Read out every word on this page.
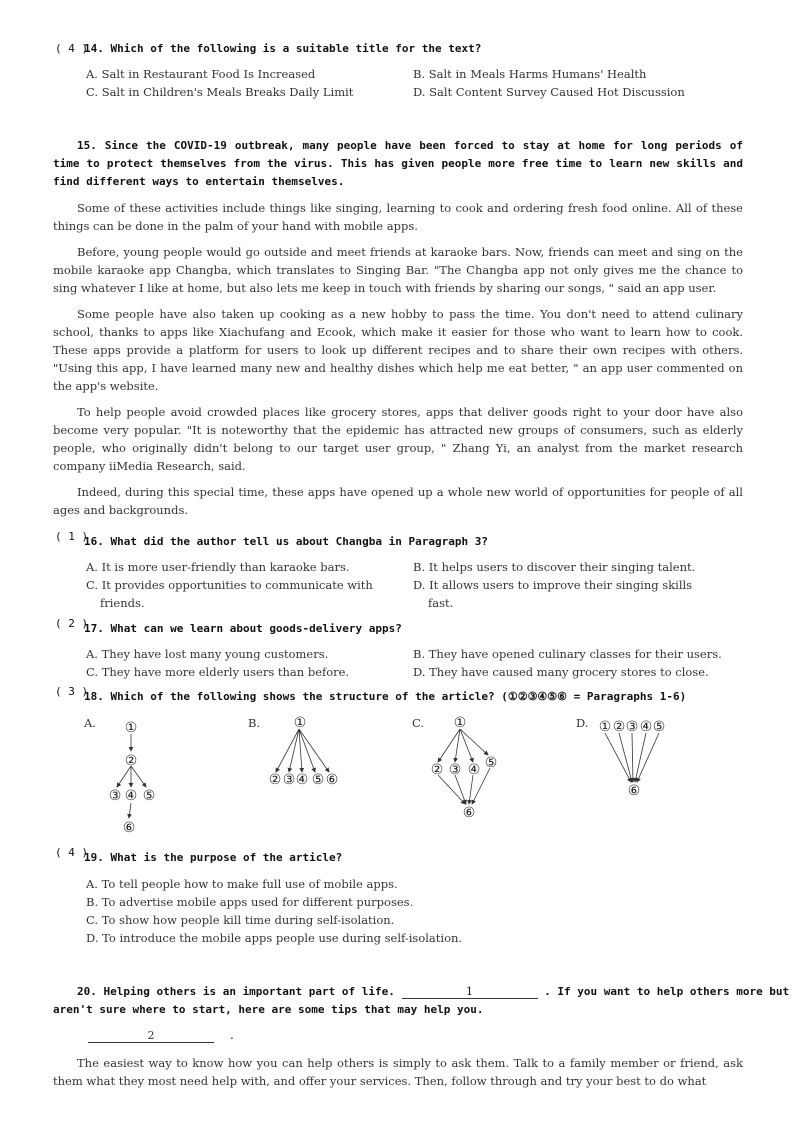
( 4 )
14. Which of the following is a suitable title for the text?
A. Salt in Restaurant Food Is Increased	B. Salt in Meals Harms Humans' Health
C. Salt in Children's Meals Breaks Daily Limit	D. Salt Content Survey Caused Hot Discussion

15. Since the COVID-19 outbreak, many people have been forced to stay at home for long periods of time to protect themselves from the virus. This has given people more free time to learn new skills and find different ways to entertain themselves.

Some of these activities include things like singing, learning to cook and ordering fresh food online. All of these things can be done in the palm of your hand with mobile apps.

Before, young people would go outside and meet friends at karaoke bars. Now, friends can meet and sing on the mobile karaoke app Changba, which translates to Singing Bar. "The Changba app not only gives me the chance to sing whatever I like at home, but also lets me keep in touch with friends by sharing our songs, " said an app user.

Some people have also taken up cooking as a new hobby to pass the time. You don't need to attend culinary school, thanks to apps like Xiachufang and Ecook, which make it easier for those who want to learn how to cook. These apps provide a platform for users to look up different recipes and to share their own recipes with others. "Using this app, I have learned many new and healthy dishes which help me eat better, " an app user commented on the app's website.

To help people avoid crowded places like grocery stores, apps that deliver goods right to your door have also become very popular. "It is noteworthy that the epidemic has attracted new groups of consumers, such as elderly people, who originally didn't belong to our target user group, " Zhang Yi, an analyst from the market research company iiMedia Research, said.

Indeed, during this special time, these apps have opened up a whole new world of opportunities for people of all ages and backgrounds.

( 1 )
16. What did the author tell us about Changba in Paragraph 3?
A. It is more user-friendly than karaoke bars.	B. It helps users to discover their singing talent.
C. It provides opportunities to communicate with	D. It allows users to improve their singing skills
friends.	fast.
( 2 )
17. What can we learn about goods-delivery apps?
A. They have lost many young customers.	B. They have opened culinary classes for their users.
C. They have more elderly users than before.	D. They have caused many grocery stores to close.
( 3 )
18. Which of the following shows the structure of the article? (①②③④⑤⑥ = Paragraphs 1-6)
A.	B.	C.	D.
①
②
③ ④ ⑤
⑥
①
② ③ ④ ⑤ ⑥
①
② ③ ④ ⑤
⑥
① ② ③ ④ ⑤
⑥
( 4 )
19. What is the purpose of the article?
A. To tell people how to make full use of mobile apps.
B. To advertise mobile apps used for different purposes.
C. To show how people kill time during self-isolation.
D. To introduce the mobile apps people use during self-isolation.
20. Helping others is an important part of life.	1	. If you want to help others more but
aren't sure where to start, here are some tips that may help you.
2	.

The easiest way to know how you can help others is simply to ask them. Talk to a family member or friend, ask them what they most need help with, and offer your services. Then, follow through and try your best to do what
